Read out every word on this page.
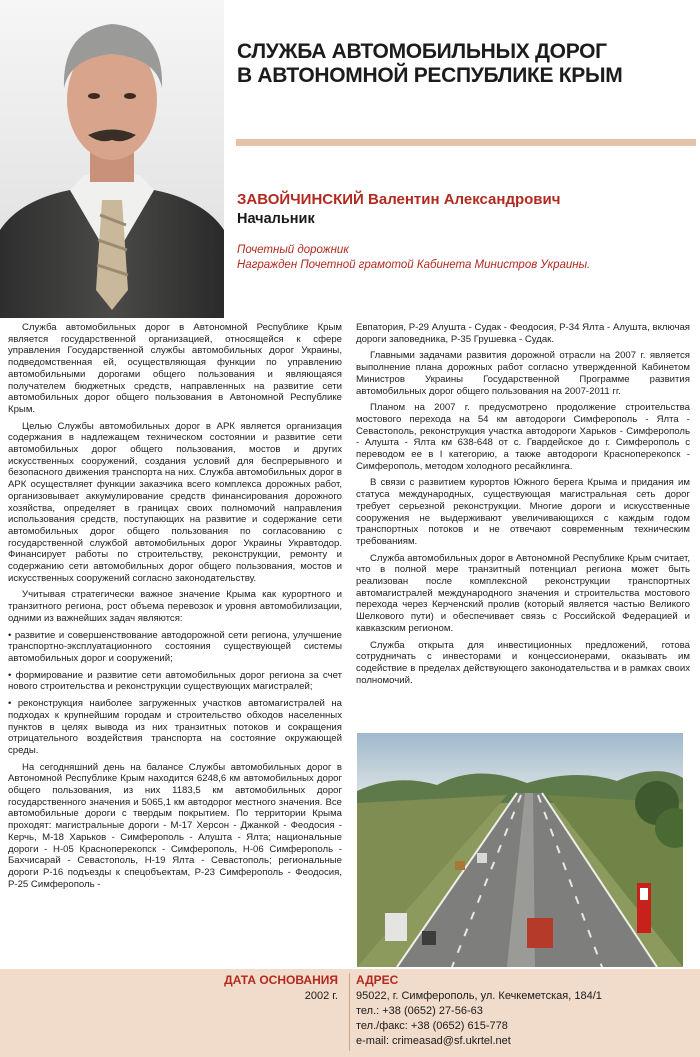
СЛУЖБА АВТОМОБИЛЬНЫХ ДОРОГ
В АВТОНОМНОЙ РЕСПУБЛИКЕ КРЫМ

ЗАВОЙЧИНСКИЙ Валентин Александрович

Начальник

Почетный дорожник
Награжден Почетной грамотой Кабинета Министров Украины.

Служба автомобильных дорог в Автономной Республике Крым является государственной организацией, относящейся к сфере управления Государственной службы автомобильных дорог Украины, подведомственная ей, осуществляющая функции по управлению автомобильными дорогами общего пользования и являющаяся получателем бюджетных средств, направленных на развитие сети автомобильных дорог общего пользования в Автономной Республике Крым.

Целью Службы автомобильных дорог в АРК является организация содержания в надлежащем техническом состоянии и развитие сети автомобильных дорог общего пользования, мостов и других искусственных сооружений, создания условий для беспрерывного и безопасного движения транспорта на них. Служба автомобильных дорог в АРК осуществляет функции заказчика всего комплекса дорожных работ, организовывает аккумулирование средств финансирования дорожного хозяйства, определяет в границах своих полномочий направления использования средств, поступающих на развитие и содержание сети автомобильных дорог общего пользования по согласованию с государственной службой автомобильных дорог Украины Укравтодор. Финансирует работы по строительству, реконструкции, ремонту и содержанию сети автомобильных дорог общего пользования, мостов и искусственных сооружений согласно законодательству.

Учитывая стратегически важное значение Крыма как курортного и транзитного региона, рост объема перевозок и уровня автомобилизации, одними из важнейших задач являются:

• развитие и совершенствование автодорожной сети региона, улучшение транспортно-эксплуатационного состояния существующей системы автомобильных дорог и сооружений;

• формирование и развитие сети автомобильных дорог региона за счет нового строительства и реконструкции существующих магистралей;

• реконструкция наиболее загруженных участков автомагистралей на подходах к крупнейшим городам и строительство обходов населенных пунктов в целях вывода из них транзитных потоков и сокращения отрицательного воздействия транспорта на состояние окружающей среды.

На сегодняшний день на балансе Службы автомобильных дорог в Автономной Республике Крым находится 6248,6 км автомобильных дорог общего пользования, из них 1183,5 км автомобильных дорог государственного значения и 5065,1 км автодорог местного значения. Все автомобильные дороги с твердым покрытием. По территории Крыма проходят: магистральные дороги - М-17 Херсон - Джанкой - Феодосия - Керчь, М-18 Харьков - Симферополь - Алушта - Ялта; национальные дороги - Н-05 Красноперекопск - Симферополь, Н-06 Симферополь - Бахчисарай - Севастополь, Н-19 Ялта - Севастополь; региональные дороги Р-16 подъезды к спецобъектам, Р-23 Симферополь - Феодосия, Р-25 Симферополь -

Евпатория, Р-29 Алушта - Судак - Феодосия, Р-34 Ялта - Алушта, включая дороги заповедника, Р-35 Грушевка - Судак.

Главными задачами развития дорожной отрасли на 2007 г. является выполнение плана дорожных работ согласно утвержденной Кабинетом Министров Украины Государственной Программе развития автомобильных дорог общего пользования на 2007-2011 гг.

Планом на 2007 г. предусмотрено продолжение строительства мостового перехода на 54 км автодороги Симферополь - Ялта - Севастополь, реконструкция участка автодороги Харьков - Симферополь - Алушта - Ялта км 638-648 от с. Гвардейское до г. Симферополь с переводом ее в I категорию, а также автодороги Красноперекопск - Симферополь, методом холодного ресайклинга.

В связи с развитием курортов Южного берега Крыма и придания им статуса международных, существующая магистральная сеть дорог требует серьезной реконструкции. Многие дороги и искусственные сооружения не выдерживают увеличивающихся с каждым годом транспортных потоков и не отвечают современным техническим требованиям.

Служба автомобильных дорог в Автономной Республике Крым считает, что в полной мере транзитный потенциал региона может быть реализован после комплексной реконструкции транспортных автомагистралей международного значения и строительства мостового перехода через Керченский пролив (который является частью Великого Шелкового пути) и обеспечивает связь с Российской Федерацией и кавказским регионом.

Служба открыта для инвестиционных предложений, готова сотрудничать с инвесторами и концессионерами, оказывать им содействие в пределах действующего законодательства и в рамках своих полномочий.

ДАТА ОСНОВАНИЯ

2002 г.

АДРЕС

95022, г. Симферополь, ул. Кечкеметская, 184/1

тел.: +38 (0652) 27-56-63

тел./факс: +38 (0652) 615-778

e-mail: crimeasad@sf.ukrtel.net
